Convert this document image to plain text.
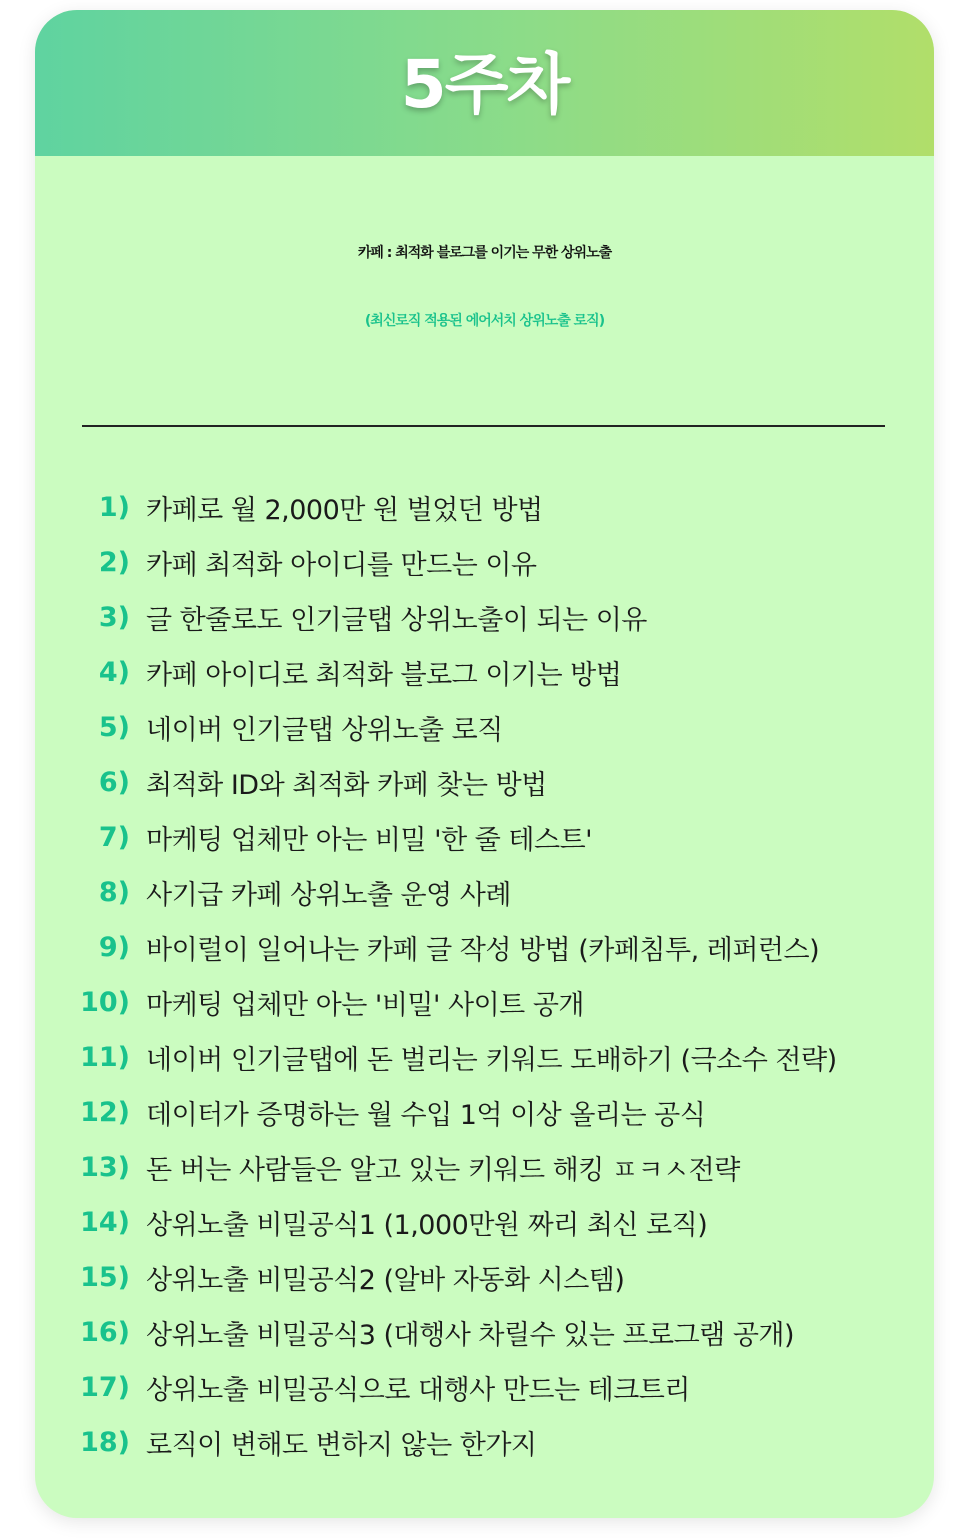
5주차
카페 : 최적화 블로그를 이기는 무한 상위노출
(최신로직 적용된 에어서치 상위노출 로직)
1) 카페로 월 2,000만 원 벌었던 방법
2) 카페 최적화 아이디를 만드는 이유
3) 글 한줄로도 인기글탭 상위노출이 되는 이유
4) 카페 아이디로 최적화 블로그 이기는 방법
5) 네이버 인기글탭 상위노출 로직
6) 최적화 ID와 최적화 카페 찾는 방법
7) 마케팅 업체만 아는 비밀 '한 줄 테스트'
8) 사기급 카페 상위노출 운영 사례
9) 바이럴이 일어나는 카페 글 작성 방법 (카페침투, 레퍼런스)
10) 마케팅 업체만 아는 '비밀' 사이트 공개
11) 네이버 인기글탭에 돈 벌리는 키워드 도배하기 (극소수 전략)
12) 데이터가 증명하는 월 수입 1억 이상 올리는 공식
13) 돈 버는 사람들은 알고 있는 키워드 해킹 ㅍㅋㅅ전략
14) 상위노출 비밀공식1 (1,000만원 짜리 최신 로직)
15) 상위노출 비밀공식2 (알바 자동화 시스템)
16) 상위노출 비밀공식3 (대행사 차릴수 있는 프로그램 공개)
17) 상위노출 비밀공식으로 대행사 만드는 테크트리
18) 로직이 변해도 변하지 않는 한가지
